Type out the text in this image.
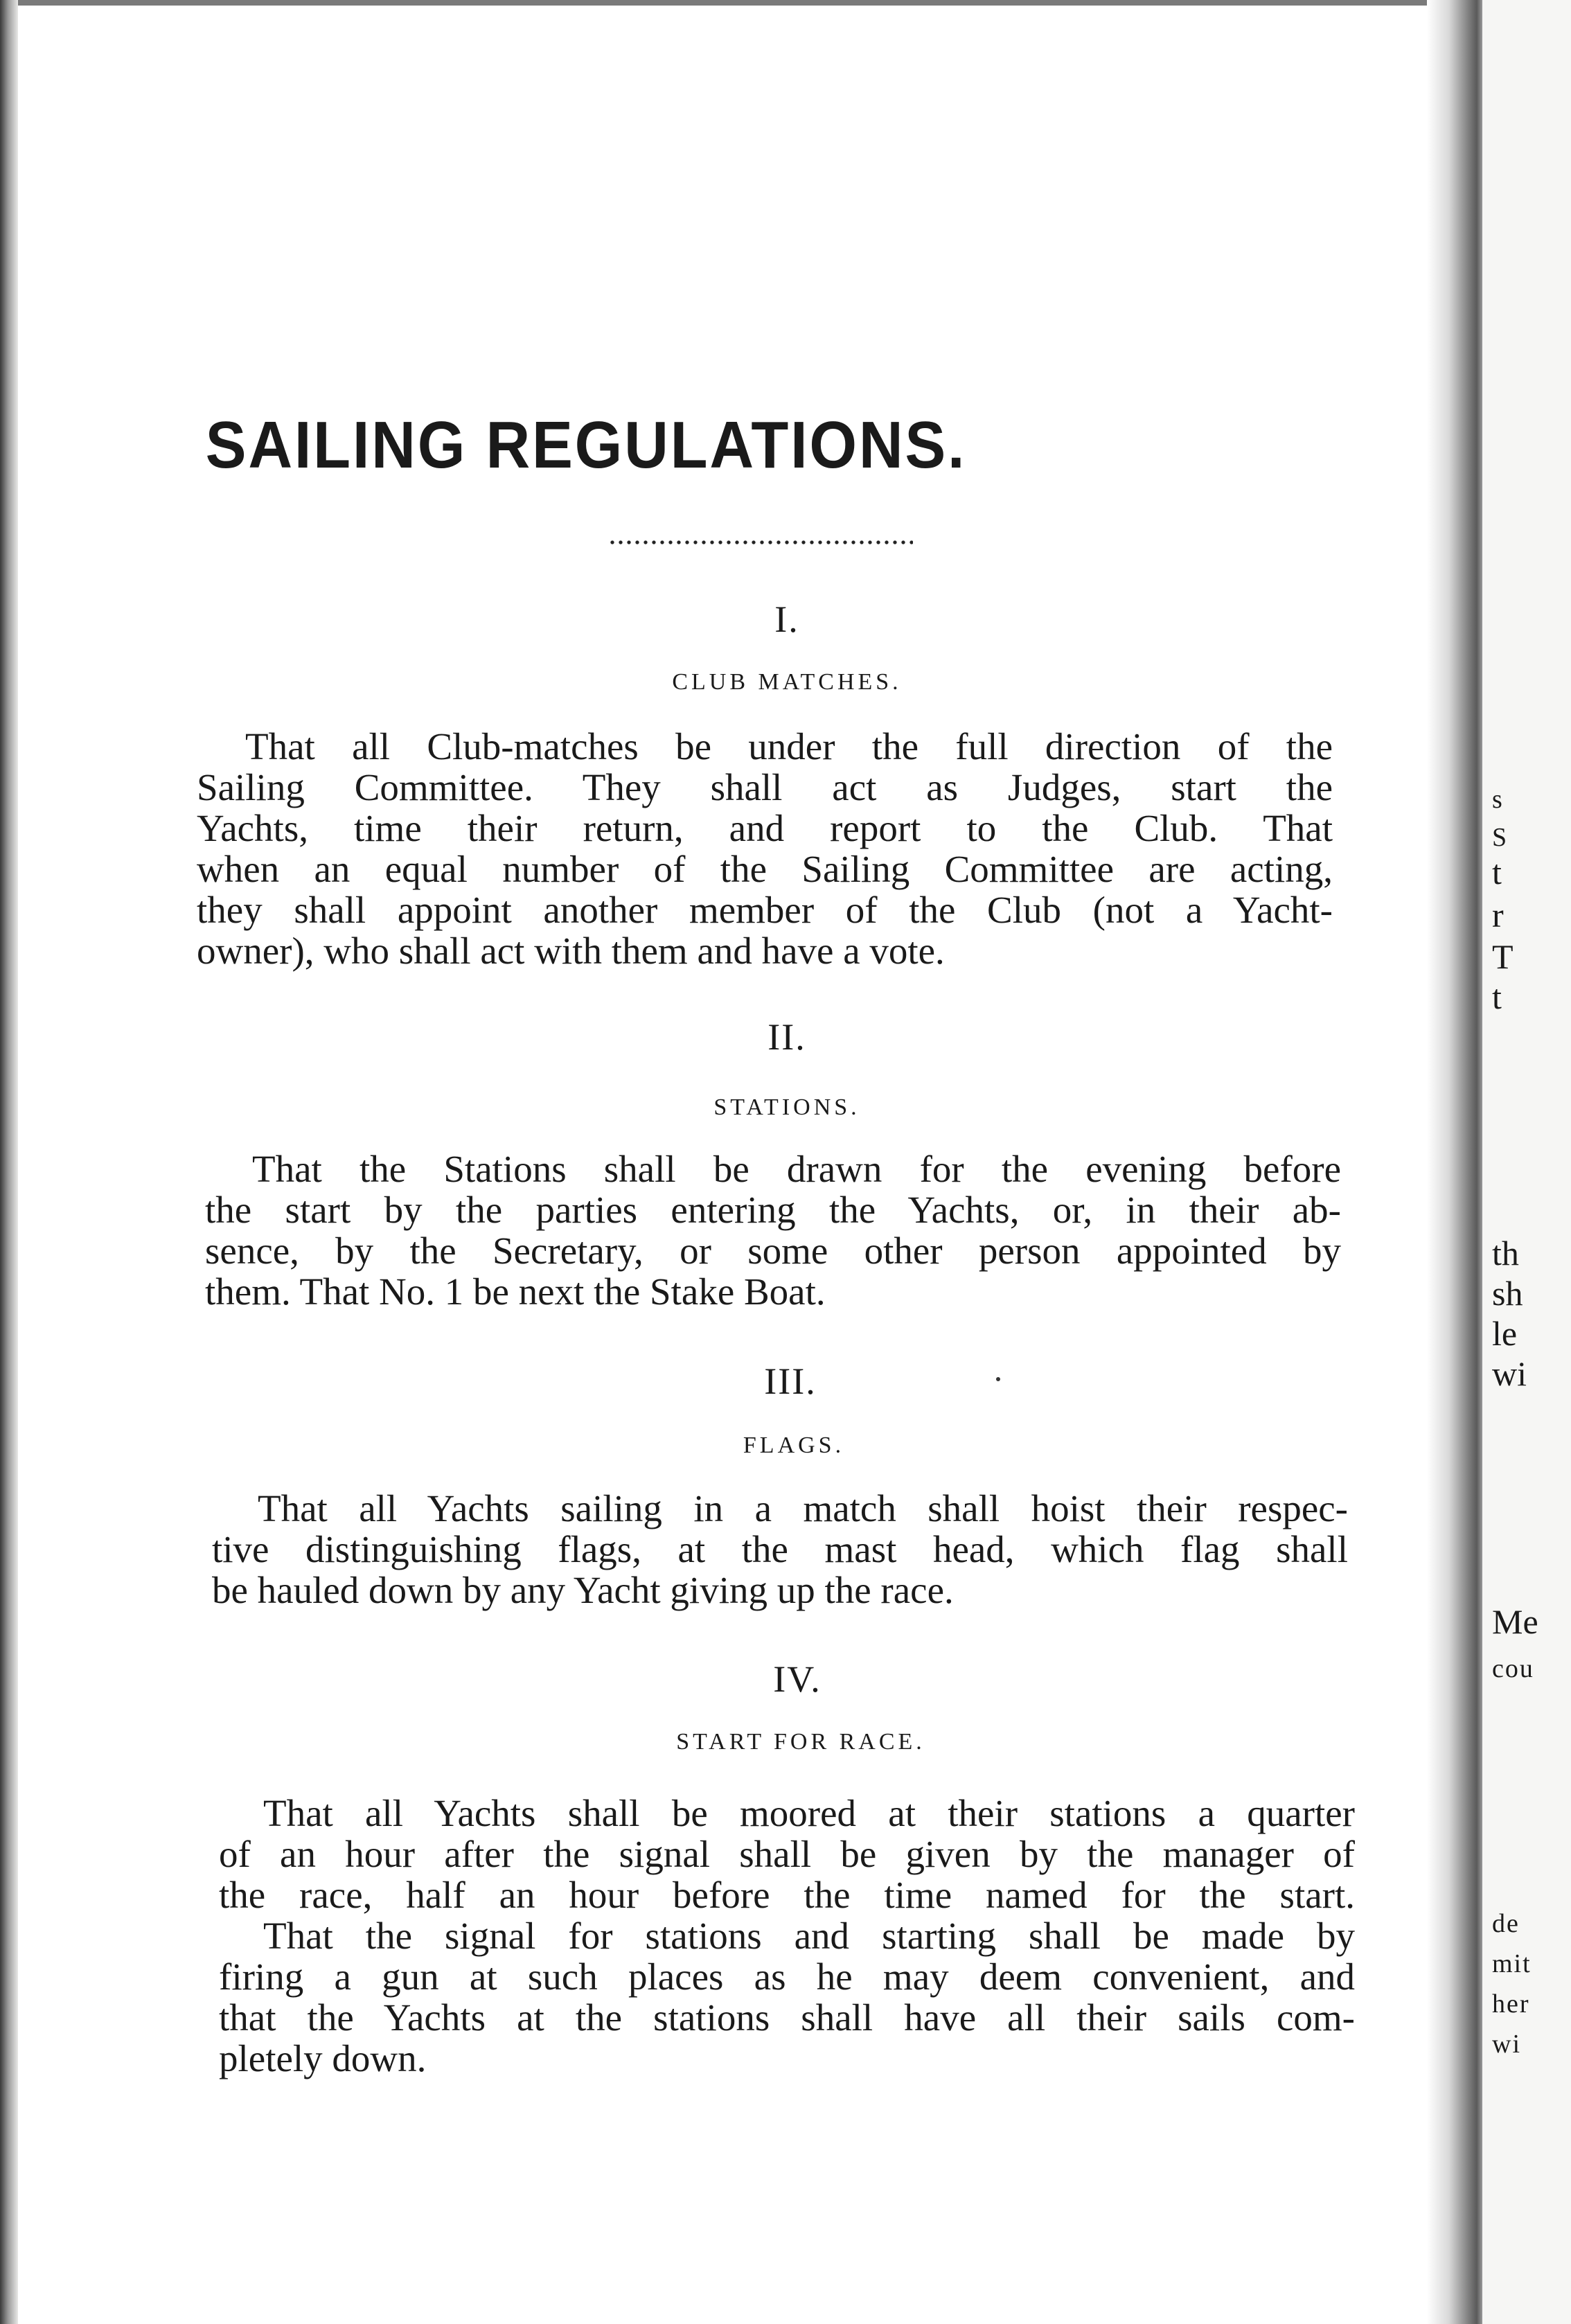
SAILING REGULATIONS.
I.
CLUB MATCHES.
That all Club-matches be under the full direction of the
Sailing Committee. They shall act as Judges, start the
Yachts, time their return, and report to the Club. That
when an equal number of the Sailing Committee are acting,
they shall appoint another member of the Club (not a Yacht-
owner), who shall act with them and have a vote.
II.
STATIONS.
That the Stations shall be drawn for the evening before
the start by the parties entering the Yachts, or, in their ab-
sence, by the Secretary, or some other person appointed by
them. That No. 1 be next the Stake Boat.
III.
FLAGS.
That all Yachts sailing in a match shall hoist their respec-
tive distinguishing flags, at the mast head, which flag shall
be hauled down by any Yacht giving up the race.
IV.
START FOR RACE.
That all Yachts shall be moored at their stations a quarter
of an hour after the signal shall be given by the manager of
the race, half an hour before the time named for the start.
That the signal for stations and starting shall be made by
firing a gun at such places as he may deem convenient, and
that the Yachts at the stations shall have all their sails com-
pletely down.
s
S
t
r
T
t
th
sh
le
wi
Me
cou
de
mit
her
wi
